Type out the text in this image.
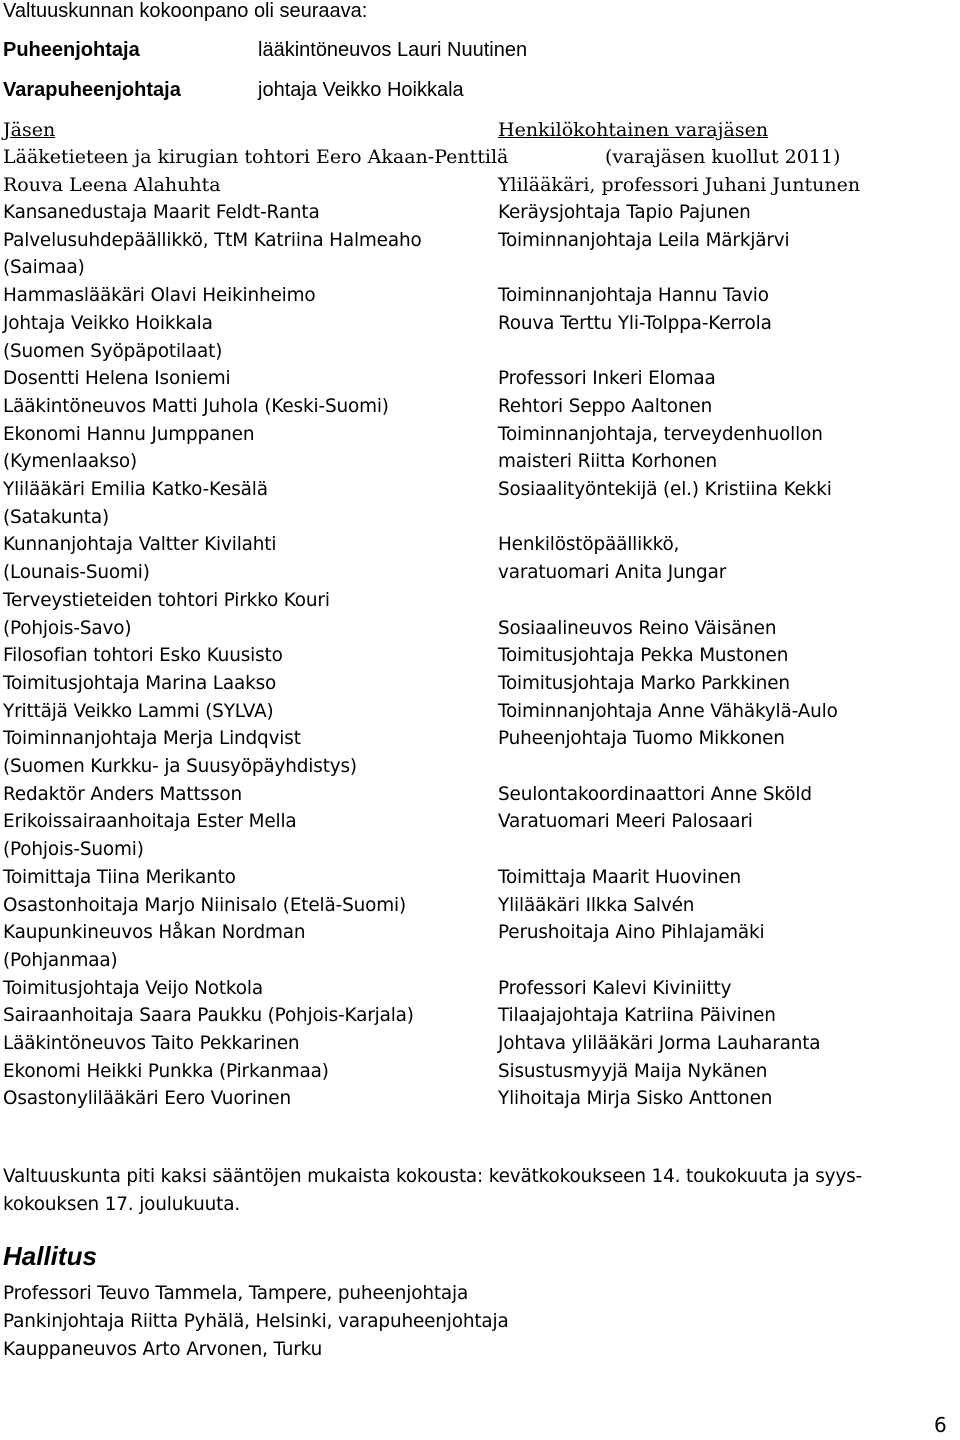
Valtuuskunnan kokoonpano oli seuraava:
Puheenjohtaja	lääkintöneuvos Lauri Nuutinen
Varapuheenjohtaja	johtaja Veikko Hoikkala
Jäsen	Henkilökohtainen varajäsen
Lääketieteen ja kirugian tohtori Eero Akaan-Penttilä	(varajäsen kuollut 2011)
Rouva Leena Alahuhta	Ylilääkäri, professori Juhani Juntunen
Kansanedustaja Maarit Feldt-Ranta	Keräysjohtaja Tapio Pajunen
Palvelusuhdepäällikkö, TtM Katriina Halmeaho	Toiminnanjohtaja Leila Märkjärvi
(Saimaa)
Hammaslääkäri Olavi Heikinheimo	Toiminnanjohtaja Hannu Tavio
Johtaja Veikko Hoikkala	Rouva Terttu Yli-Tolppa-Kerrola
(Suomen Syöpäpotilaat)
Dosentti Helena Isoniemi	Professori Inkeri Elomaa
Lääkintöneuvos Matti Juhola (Keski-Suomi)	Rehtori Seppo Aaltonen
Ekonomi Hannu Jumppanen	Toiminnanjohtaja, terveydenhuollon
(Kymenlaakso)	maisteri Riitta Korhonen
Ylilääkäri Emilia Katko-Kesälä	Sosiaalityöntekijä (el.) Kristiina Kekki
(Satakunta)
Kunnanjohtaja Valtter Kivilahti	Henkilöstöpäällikkö,
(Lounais-Suomi)	varatuomari Anita Jungar
Terveystieteiden tohtori Pirkko Kouri
(Pohjois-Savo)	Sosiaalineuvos Reino Väisänen
Filosofian tohtori Esko Kuusisto	Toimitusjohtaja Pekka Mustonen
Toimitusjohtaja Marina Laakso	Toimitusjohtaja Marko Parkkinen
Yrittäjä Veikko Lammi (SYLVA)	Toiminnanjohtaja Anne Vähäkylä-Aulo
Toiminnanjohtaja Merja Lindqvist	Puheenjohtaja Tuomo Mikkonen
(Suomen Kurkku- ja Suusyöpäyhdistys)
Redaktör Anders Mattsson	Seulontakoordinaattori Anne Sköld
Erikoissairaanhoitaja Ester Mella	Varatuomari Meeri Palosaari
(Pohjois-Suomi)
Toimittaja Tiina Merikanto	Toimittaja Maarit Huovinen
Osastonhoitaja Marjo Niinisalo (Etelä-Suomi)	Ylilääkäri Ilkka Salvén
Kaupunkineuvos Håkan Nordman	Perushoitaja Aino Pihlajamäki
(Pohjanmaa)
Toimitusjohtaja Veijo Notkola	Professori Kalevi Kiviniitty
Sairaanhoitaja Saara Paukku (Pohjois-Karjala)	Tilaajajohtaja Katriina Päivinen
Lääkintöneuvos Taito Pekkarinen	Johtava ylilääkäri Jorma Lauharanta
Ekonomi Heikki Punkka (Pirkanmaa)	Sisustusmyyjä Maija Nykänen
Osastonylilääkäri Eero Vuorinen	Ylihoitaja Mirja Sisko Anttonen
Valtuuskunta piti kaksi sääntöjen mukaista kokousta: kevätkokoukseen 14. toukokuuta ja syys-
kokouksen 17. joulukuuta.
Hallitus
Professori Teuvo Tammela, Tampere, puheenjohtaja
Pankinjohtaja Riitta Pyhälä, Helsinki, varapuheenjohtaja
Kauppaneuvos Arto Arvonen, Turku
6
